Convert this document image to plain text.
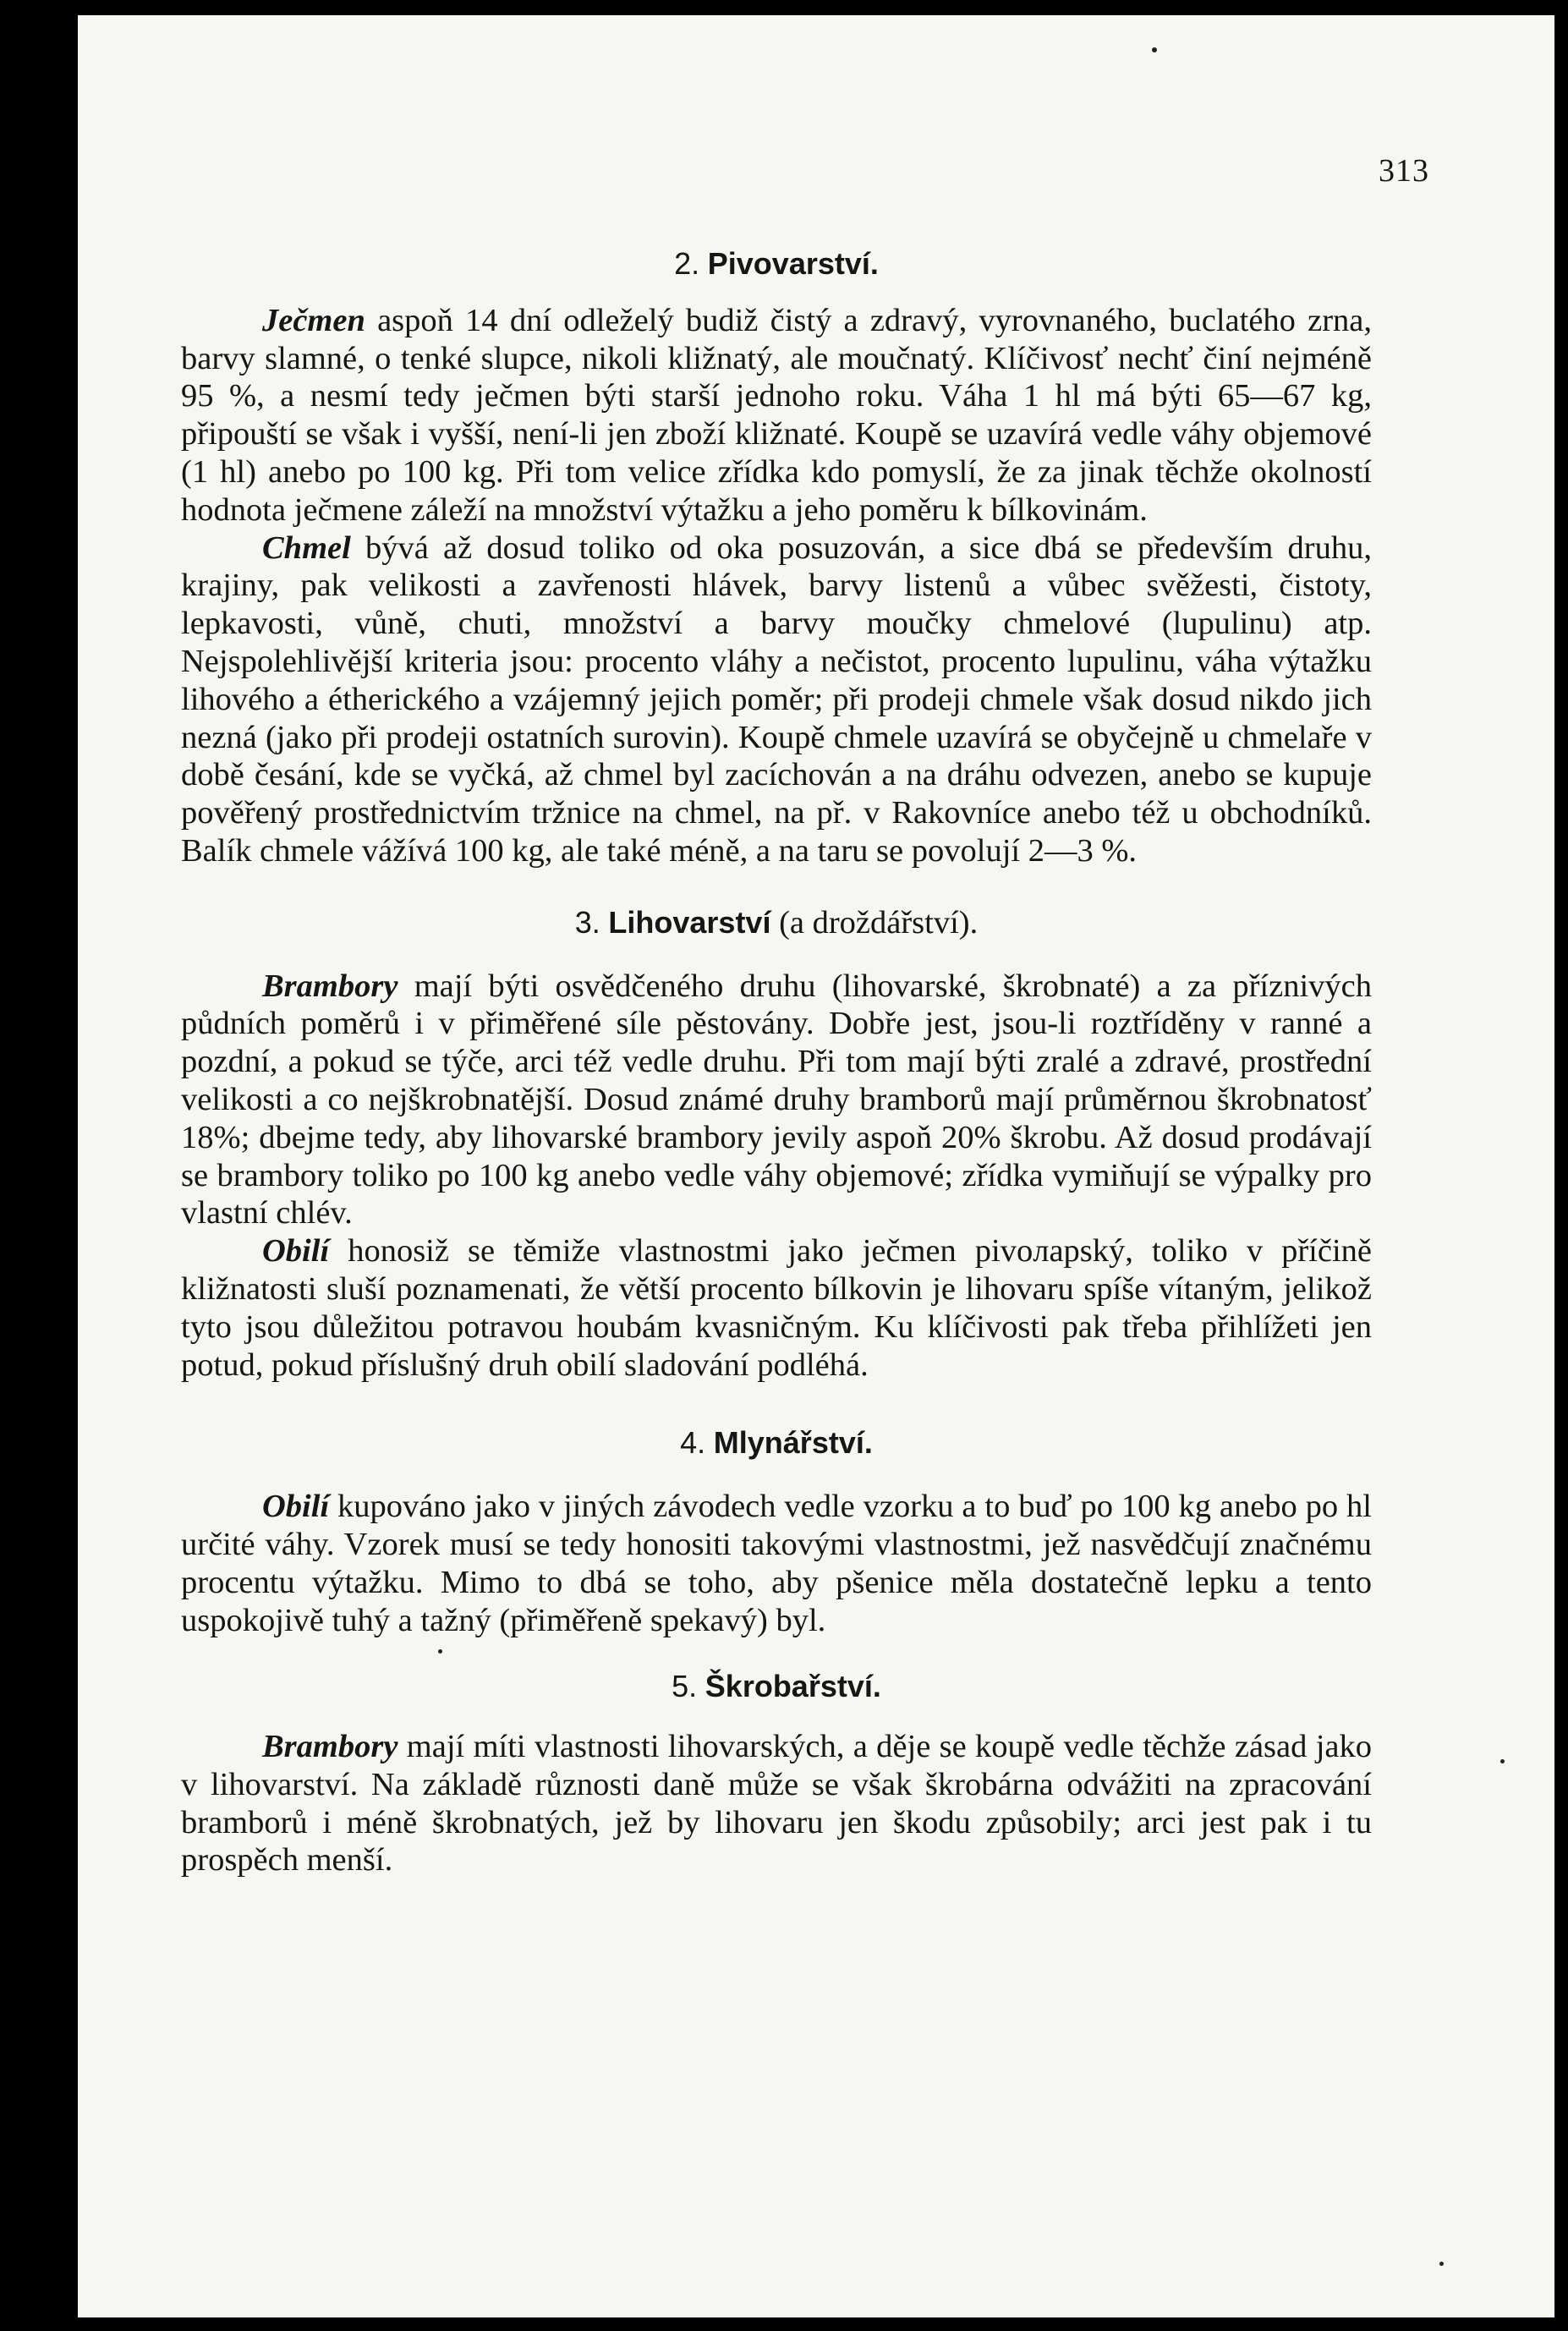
313
2. Pivovarství.

Ječmen aspoň 14 dní odleželý budiž čistý a zdravý, vyrovnaného, buclatého zrna, barvy slamné, o tenké slupce, nikoli kližnatý, ale moučnatý. Klíčivosť nechť činí nejméně 95 %, a nesmí tedy ječmen býti starší jednoho roku. Váha 1 hl má býti 65—67 kg, připouští se však i vyšší, není-li jen zboží kližnaté. Koupě se uzavírá vedle váhy objemové (1 hl) anebo po 100 kg. Při tom velice zřídka kdo pomyslí, že za jinak těchže okolností hodnota ječmene záleží na množství výtažku a jeho poměru k bílkovinám.

Chmel bývá až dosud toliko od oka posuzován, a sice dbá se především druhu, krajiny, pak velikosti a zavřenosti hlávek, barvy listenů a vůbec svěžesti, čistoty, lepkavosti, vůně, chuti, množství a barvy moučky chmelové (lupulinu) atp. Nejspolehlivější kriteria jsou: procento vláhy a nečistot, procento lupulinu, váha výtažku lihového a étherického a vzájemný jejich poměr; při prodeji chmele však dosud nikdo jich nezná (jako při prodeji ostatních surovin). Koupě chmele uzavírá se obyčejně u chmelaře v době česání, kde se vyčká, až chmel byl zacíchován a na dráhu odvezen, anebo se kupuje pověřený prostřednictvím tržnice na chmel, na př. v Rakovníce anebo též u obchodníků. Balík chmele vážívá 100 kg, ale také méně, a na taru se povolují 2—3 %.

3. Lihovarství (a droždářství).

Brambory mají býti osvědčeného druhu (lihovarské, škrobnaté) a za příznivých půdních poměrů i v přiměřené síle pěstovány. Dobře jest, jsou-li roztříděny v ranné a pozdní, a pokud se týče, arci též vedle druhu. Při tom mají býti zralé a zdravé, prostřední velikosti a co nejškrobnatější. Dosud známé druhy bramborů mají průměrnou škrobnatosť 18%; dbejme tedy, aby lihovarské brambory jevily aspoň 20% škrobu. Až dosud prodávají se brambory toliko po 100 kg anebo vedle váhy objemové; zřídka vymiňují se výpalky pro vlastní chlév.

Obilí honosiž se těmiže vlastnostmi jako ječmen pivoларský, toliko v příčině kližnatosti sluší poznamenati, že větší procento bílkovin je lihovaru spíše vítaným, jelikož tyto jsou důležitou potravou houbám kvasničným. Ku klíčivosti pak třeba přihlížeti jen potud, pokud příslušný druh obilí sladování podléhá.

4. Mlynářství.

Obilí kupováno jako v jiných závodech vedle vzorku a to buď po 100 kg anebo po hl určité váhy. Vzorek musí se tedy honositi takovými vlastnostmi, jež nasvědčují značnému procentu výtažku. Mimo to dbá se toho, aby pšenice měla dostatečně lepku a tento uspokojivě tuhý a tažný (přiměřeně spekavý) byl.

5. Škrobařství.

Brambory mají míti vlastnosti lihovarských, a děje se koupě vedle těchže zásad jako v lihovarství. Na základě různosti daně může se však škrobárna odvážiti na zpracování bramborů i méně škrobnatých, jež by lihovaru jen škodu způsobily; arci jest pak i tu prospěch menší.
